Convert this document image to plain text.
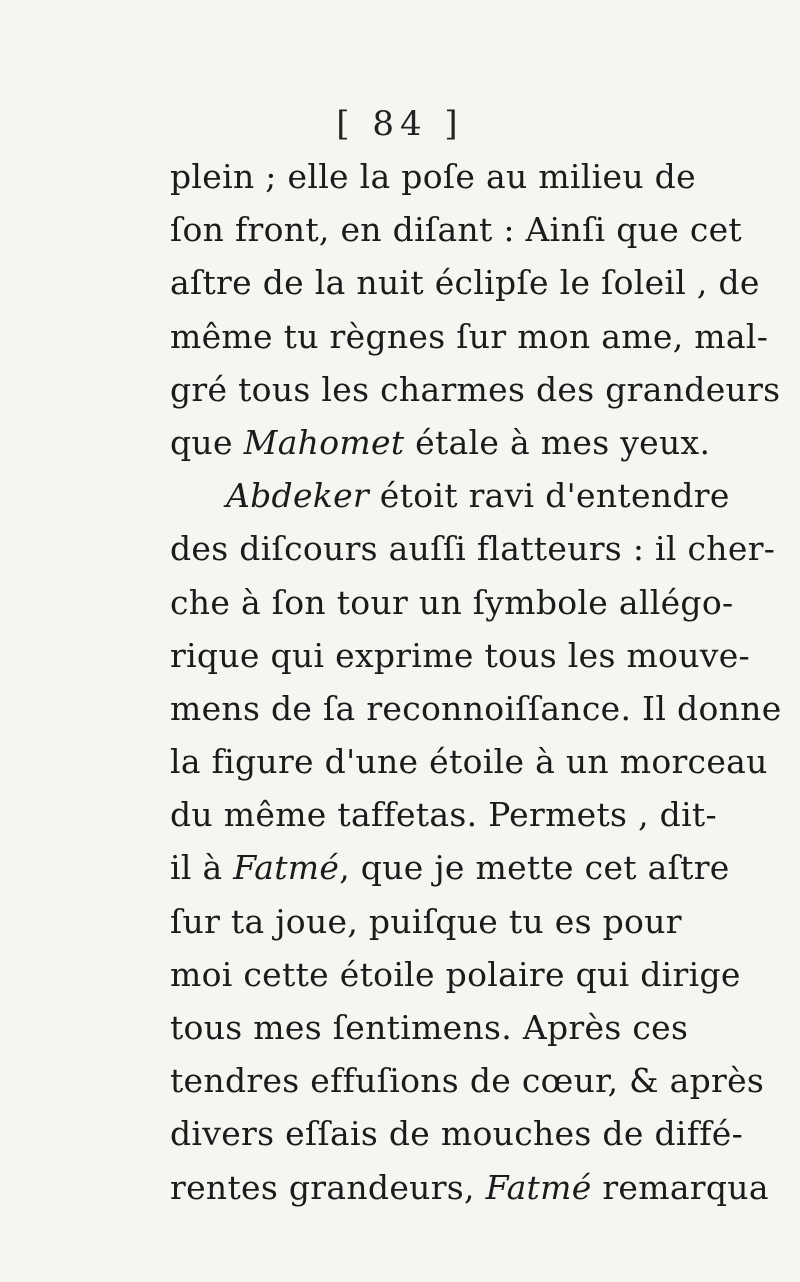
[ 84 ]
plein ; elle la poſe au milieu de
ſon front, en diſant : Ainſi que cet
aſtre de la nuit éclipſe le ſoleil , de
même tu règnes ſur mon ame, mal-
gré tous les charmes des grandeurs
que Mahomet étale à mes yeux.
Abdeker étoit ravi d'entendre
des diſcours auſſi flatteurs : il cher-
che à ſon tour un ſymbole allégo-
rique qui exprime tous les mouve-
mens de ſa reconnoiſſance. Il donne
la figure d'une étoile à un morceau
du même taffetas. Permets , dit-
il à Fatmé, que je mette cet aſtre
ſur ta joue, puiſque tu es pour
moi cette étoile polaire qui dirige
tous mes ſentimens. Après ces
tendres effuſions de cœur, & après
divers eſſais de mouches de diffé-
rentes grandeurs, Fatmé remarqua
